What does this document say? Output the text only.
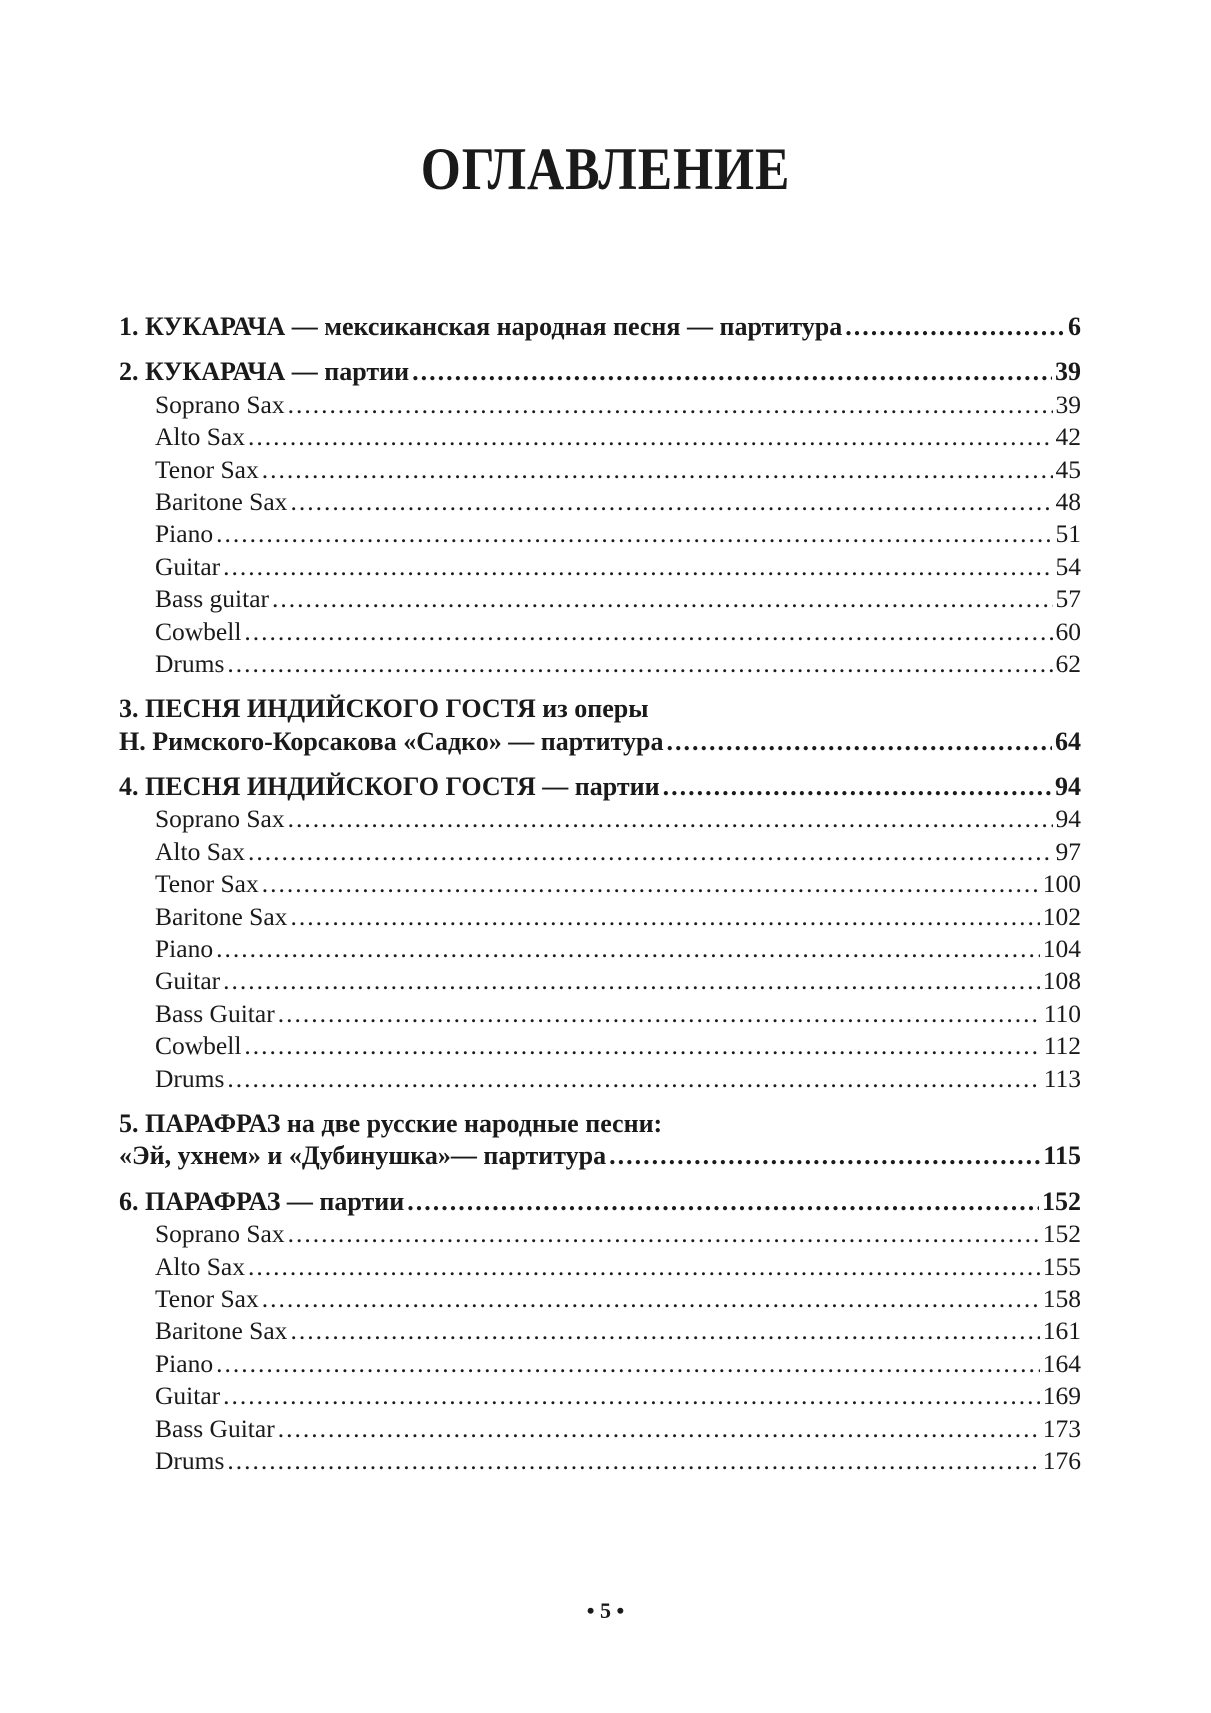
ОГЛАВЛЕНИЕ
1. КУКАРАЧА — мексиканская народная песня — партитура .....	6
2. КУКАРАЧА — партии .....	39
Soprano Sax .....	39
Alto Sax .....	42
Tenor Sax .....	45
Baritone Sax .....	48
Piano .....	51
Guitar .....	54
Bass guitar .....	57
Cowbell .....	60
Drums .....	62
3. ПЕСНЯ ИНДИЙСКОГО ГОСТЯ из оперы
Н. Римского-Корсакова «Садко» — партитура .....	64
4. ПЕСНЯ ИНДИЙСКОГО ГОСТЯ — партии .....	94
Soprano Sax .....	94
Alto Sax .....	97
Tenor Sax .....	100
Baritone Sax .....	102
Piano .....	104
Guitar .....	108
Bass Guitar .....	110
Cowbell .....	112
Drums .....	113
5. ПАРАФРАЗ на две русские народные песни:
«Эй, ухнем» и «Дубинушка»— партитура .....	115
6. ПАРАФРАЗ — партии .....	152
Soprano Sax .....	152
Alto Sax .....	155
Tenor Sax .....	158
Baritone Sax .....	161
Piano .....	164
Guitar .....	169
Bass Guitar .....	173
Drums .....	176
• 5 •
